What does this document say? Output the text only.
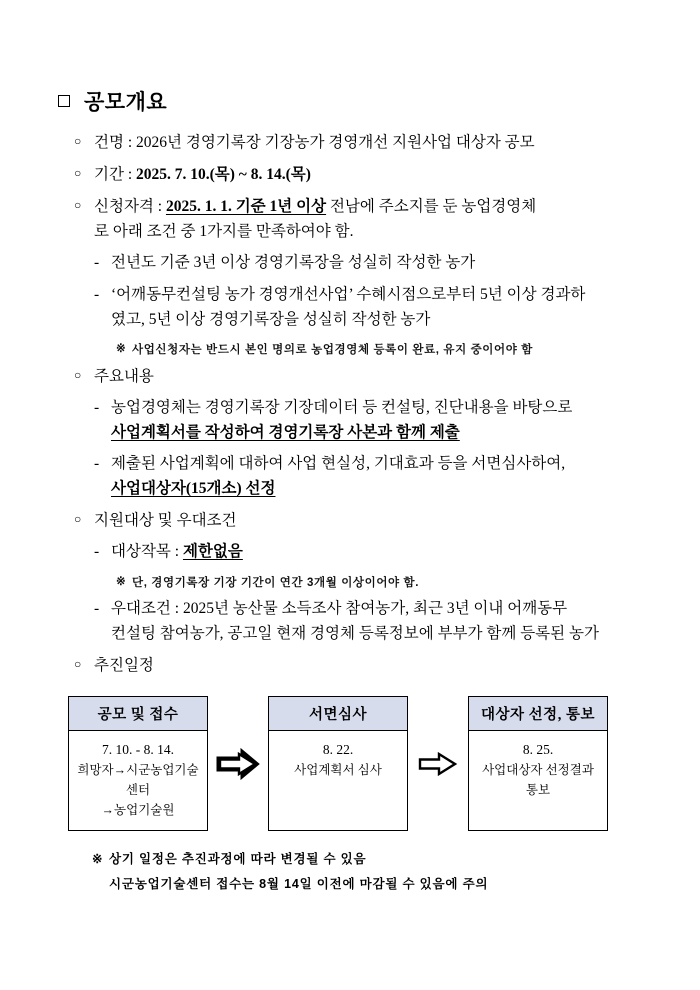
공모개요
○ 건명 : 2026년 경영기록장 기장농가 경영개선 지원사업 대상자 공모
○ 기간 : 2025. 7. 10.(목) ~ 8. 14.(목)
○ 신청자격 : 2025. 1. 1. 기준 1년 이상 전남에 주소지를 둔 농업경영체
로 아래 조건 중 1가지를 만족하여야 함.
- 전년도 기준 3년 이상 경영기록장을 성실히 작성한 농가
- ‘어깨동무컨설팅 농가 경영개선사업’ 수혜시점으로부터 5년 이상 경과하
였고, 5년 이상 경영기록장을 성실히 작성한 농가
※ 사업신청자는 반드시 본인 명의로 농업경영체 등록이 완료, 유지 중이어야 함
○ 주요내용
- 농업경영체는 경영기록장 기장데이터 등 컨설팅, 진단내용을 바탕으로
사업계획서를 작성하여 경영기록장 사본과 함께 제출
- 제출된 사업계획에 대하여 사업 현실성, 기대효과 등을 서면심사하여,
사업대상자(15개소) 선정
○ 지원대상 및 우대조건
- 대상작목 : 제한없음
※ 단, 경영기록장 기장 기간이 연간 3개월 이상이어야 함.
- 우대조건 : 2025년 농산물 소득조사 참여농가, 최근 3년 이내 어깨동무
컨설팅 참여농가, 공고일 현재 경영체 등록정보에 부부가 함께 등록된 농가
○ 추진일정
공모 및 접수
7. 10. - 8. 14.
희망자→시군농업기술센터
→농업기술원
서면심사
8. 22.
사업계획서 심사
대상자 선정, 통보
8. 25.
사업대상자 선정결과
통보
※ 상기 일정은 추진과정에 따라 변경될 수 있음
시군농업기술센터 접수는 8월 14일 이전에 마감될 수 있음에 주의
